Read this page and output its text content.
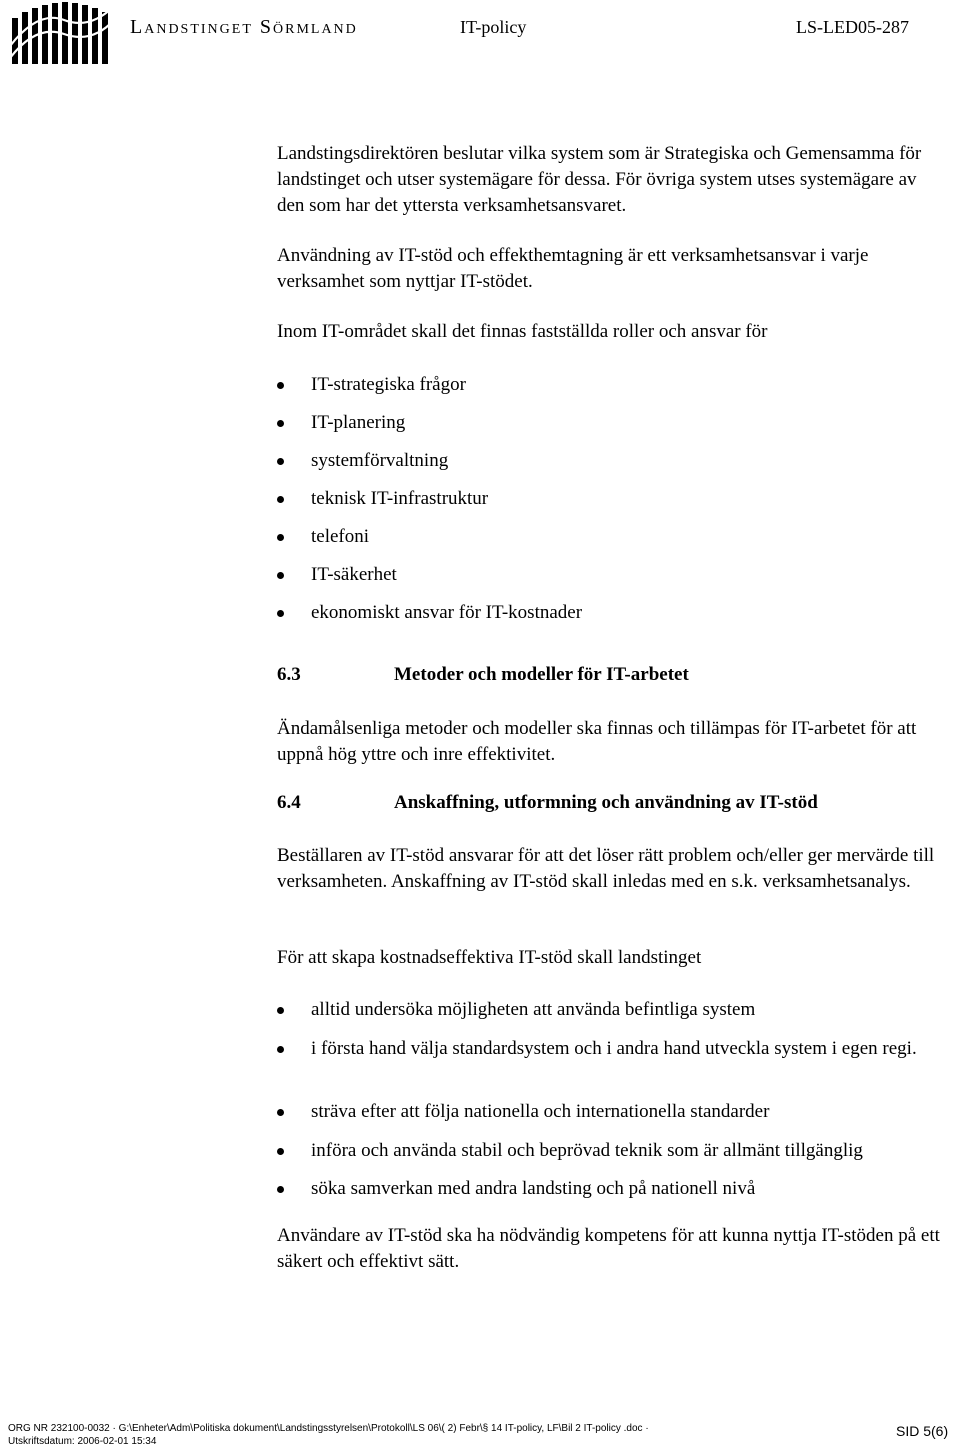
Landstinget Sörmland	IT-policy	LS-LED05-287
Landstingsdirektören beslutar vilka system som är Strategiska och Gemensamma för landstinget och utser systemägare för dessa. För övriga system utses systemägare av den som har det yttersta verksamhetsansvaret.
Användning av IT-stöd och effekthemtagning är ett verksamhetsansvar i varje verksamhet som nyttjar IT-stödet.
Inom IT-området skall det finnas fastställda roller och ansvar för
IT-strategiska frågor
IT-planering
systemförvaltning
teknisk IT-infrastruktur
telefoni
IT-säkerhet
ekonomiskt ansvar för IT-kostnader
6.3	Metoder och modeller för IT-arbetet
Ändamålsenliga metoder och modeller ska finnas och tillämpas för IT-arbetet för att uppnå hög yttre och inre effektivitet.
6.4	Anskaffning, utformning och användning av IT-stöd
Beställaren av IT-stöd ansvarar för att det löser rätt problem och/eller ger mervärde till verksamheten. Anskaffning av IT-stöd skall inledas med en s.k. verksamhetsanalys.
För att skapa kostnadseffektiva IT-stöd skall landstinget
alltid undersöka möjligheten att använda befintliga system
i första hand välja standardsystem och i andra hand utveckla system i egen regi.
sträva efter att följa nationella och internationella standarder
införa och använda stabil och beprövad teknik som är allmänt tillgänglig
söka samverkan med andra landsting och på nationell nivå
Användare av IT-stöd ska ha nödvändig kompetens för att kunna nyttja IT-stöden på ett säkert och effektivt sätt.
ORG NR 232100-0032 · G:\Enheter\Adm\Politiska dokument\Landstingsstyrelsen\Protokoll\LS 06\( 2) Febr\§ 14 IT-policy, LF\Bil 2 IT-policy .doc · Utskriftsdatum: 2006-02-01 15:34
SID 5(6)
